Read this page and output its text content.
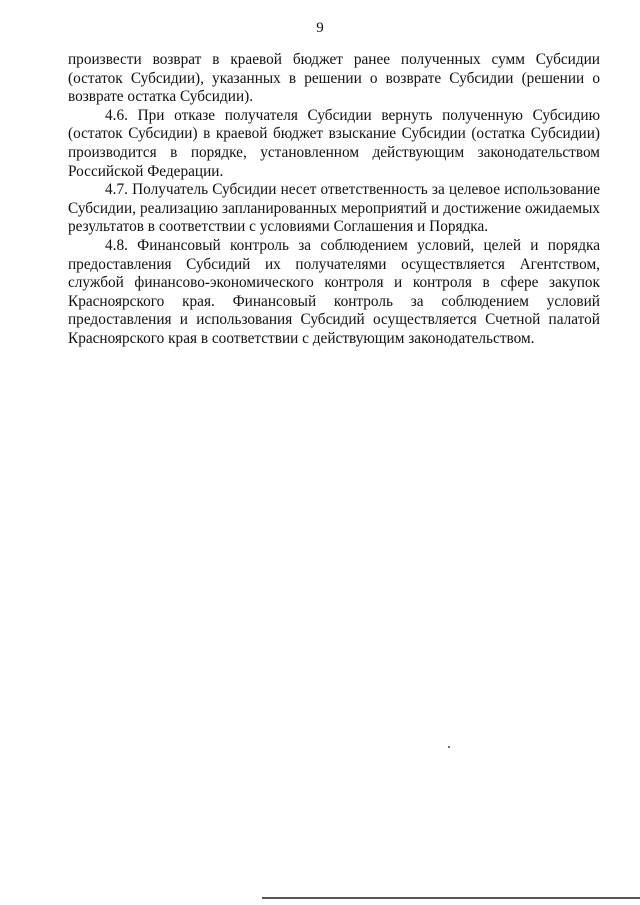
9

произвести возврат в краевой бюджет ранее полученных сумм Субсидии (остаток Субсидии), указанных в решении о возврате Субсидии (решении о возврате остатка Субсидии).

4.6. При отказе получателя Субсидии вернуть полученную Субсидию (остаток Субсидии) в краевой бюджет взыскание Субсидии (остатка Субсидии) производится в порядке, установленном действующим законодательством Российской Федерации.

4.7. Получатель Субсидии несет ответственность за целевое использование Субсидии, реализацию запланированных мероприятий и достижение ожидаемых результатов в соответствии с условиями Соглашения и Порядка.

4.8. Финансовый контроль за соблюдением условий, целей и порядка предоставления Субсидий их получателями осуществляется Агентством, службой финансово-экономического контроля и контроля в сфере закупок Красноярского края. Финансовый контроль за соблюдением условий предоставления и использования Субсидий осуществляется Счетной палатой Красноярского края в соответствии с действующим законодательством.
